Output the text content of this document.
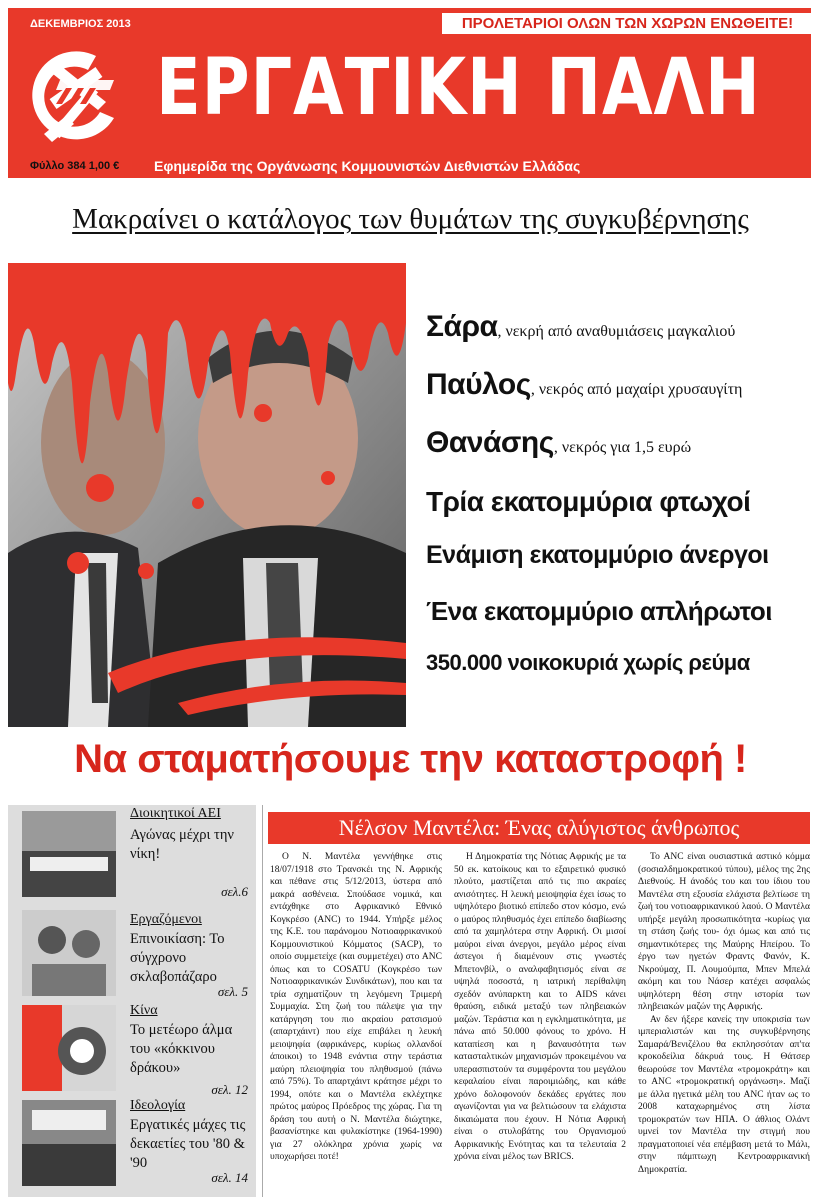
ΔΕΚΕΜΒΡΙΟΣ 2013	ΠΡΟΛΕΤΑΡΙΟΙ ΟΛΩΝ ΤΩΝ ΧΩΡΩΝ ΕΝΩΘΕΙΤΕ!
ΕΡΓΑΤΙΚΗ ΠΑΛΗ
Φύλλο 384 1,00 € Εφημερίδα της Οργάνωσης Κομμουνιστών Διεθνιστών Ελλάδας
Μακραίνει ο κατάλογος των θυμάτων της συγκυβέρνησης
Σάρα, νεκρή από αναθυμιάσεις μαγκαλιού
Παύλος, νεκρός από μαχαίρι χρυσαυγίτη
Θανάσης, νεκρός για 1,5 ευρώ
Τρία εκατομμύρια φτωχοί
Ενάμιση εκατομμύριο άνεργοι
Ένα εκατομμύριο απλήρωτοι
350.000 νοικοκυριά χωρίς ρεύμα
Να σταματήσουμε την καταστροφή !
Διοικητικοί ΑΕΙ
Αγώνας μέχρι την νίκη!
σελ.6
Εργαζόμενοι
Επινοικίαση: Το σύγχρονο σκλαβοπάζαρο
σελ. 5
Κίνα
Το μετέωρο άλμα του «κόκκινου δράκου»
σελ. 12
Ιδεολογία
Εργατικές μάχες τις δεκαετίες του '80 & '90
σελ. 14
Νέλσον Μαντέλα: Ένας αλύγιστος άνθρωπος

Ο Ν. Μαντέλα γεννήθηκε στις 18/07/1918 στο Τρανσκέι της Ν. Αφρικής και πέθανε στις 5/12/2013, ύστερα από μακρά ασθένεια. Σπούδασε νομικά, και εντάχθηκε στο Αφρικανικό Εθνικό Κογκρέσο (ANC) το 1944. Υπήρξε μέλος της Κ.Ε. του παράνομου Νοτιοαφρικανικού Κομμουνιστικού Κόμματος (SACP), το οποίο συμμετείχε (και συμμετέχει) στο ANC όπως και το COSATU (Κογκρέσο των Νοτιοαφρικανικών Συνδικάτων), που και τα τρία σχηματίζουν τη λεγόμενη Τριμερή Συμμαχία. Στη ζωή του πάλεψε για την κατάργηση του πιο ακραίου ρατσισμού (απαρτχάιντ) που είχε επιβάλει η λευκή μειοψηφία (αφρικάνερς, κυρίως ολλανδοί άποικοι) το 1948 ενάντια στην τεράστια μαύρη πλειοψηφία του πληθυσμού (πάνω από 75%). Το απαρτχάιντ κράτησε μέχρι το 1994, οπότε και ο Μαντέλα εκλέχτηκε πρώτος μαύρος Πρόεδρος της χώρας. Για τη δράση του αυτή ο Ν. Μαντέλα διώχτηκε, βασανίστηκε και φυλακίστηκε (1964-1990) για 27 ολόκληρα χρόνια χωρίς να υποχωρήσει ποτέ!

Η Δημοκρατία της Νότιας Αφρικής με τα 50 εκ. κατοίκους και το εξαιρετικό φυσικό πλούτο, μαστίζεται από τις πιο ακραίες ανισότητες. Η λευκή μειοψηφία έχει ίσως το υψηλότερο βιοτικό επίπεδο στον κόσμο, ενώ ο μαύρος πληθυσμός έχει επίπεδο διαβίωσης από τα χαμηλότερα στην Αφρική. Οι μισοί μαύροι είναι άνεργοι, μεγάλο μέρος είναι άστεγοι ή διαμένουν στις γνωστές Μπετονβίλ, ο αναλφαβητισμός είναι σε υψηλά ποσοστά, η ιατρική περίθαλψη σχεδόν ανύπαρκτη και το AIDS κάνει θραύση, ειδικά μεταξύ των πληβειακών μαζών. Τεράστια και η εγκληματικότητα, με πάνω από 50.000 φόνους το χρόνο. Η καταπίεση και η βαναυσότητα των κατασταλτικών μηχανισμών προκειμένου να υπερασπιστούν τα συμφέροντα του μεγάλου κεφαλαίου είναι παροιμιώδης, και κάθε χρόνο δολοφονούν δεκάδες εργάτες που αγωνίζονται για να βελτιώσουν τα ελάχιστα δικαιώματα που έχουν. Η Νότια Αφρική είναι ο στυλοβάτης του Οργανισμού Αφρικανικής Ενότητας και τα τελευταία 2 χρόνια είναι μέλος των BRICS.

Το ANC είναι ουσιαστικά αστικό κόμμα (σοσιαλδημοκρατικού τύπου), μέλος της 2ης Διεθνούς. Η άνοδός του και του ίδιου του Μαντέλα στη εξουσία ελάχιστα βελτίωσε τη ζωή του νοτιοαφρικανικού λαού. Ο Μαντέλα υπήρξε μεγάλη προσωπικότητα -κυρίως για τη στάση ζωής του- όχι όμως και από τις σημαντικότερες της Μαύρης Ηπείρου. Το έργο των ηγετών Φραντς Φανόν, Κ. Νκρούμαχ, Π. Λουμούμπα, Μπεν Μπελά ακόμη και του Νάσερ κατέχει ασφαλώς υψηλότερη θέση στην ιστορία των πληβειακών μαζών της Αφρικής.

Αν δεν ήξερε κανείς την υποκρισία των ιμπεριαλιστών και της συγκυβέρνησης Σαμαρά/Βενιζέλου θα εκπλησσόταν απ'τα κροκοδείλια δάκρυά τους. Η Θάτσερ θεωρούσε τον Μαντέλα «τρομοκράτη» και το ANC «τρομοκρατική οργάνωση». Μαζί με άλλα ηγετικά μέλη του ANC ήταν ως το 2008 καταχωρημένος στη λίστα τρομοκρατών των ΗΠΑ. Ο άθλιος Ολάντ υμνεί τον Μαντέλα την στιγμή που πραγματοποιεί νέα επέμβαση μετά το Μάλι, στην πάμπτωχη Κεντροαφρικανική Δημοκρατία.
